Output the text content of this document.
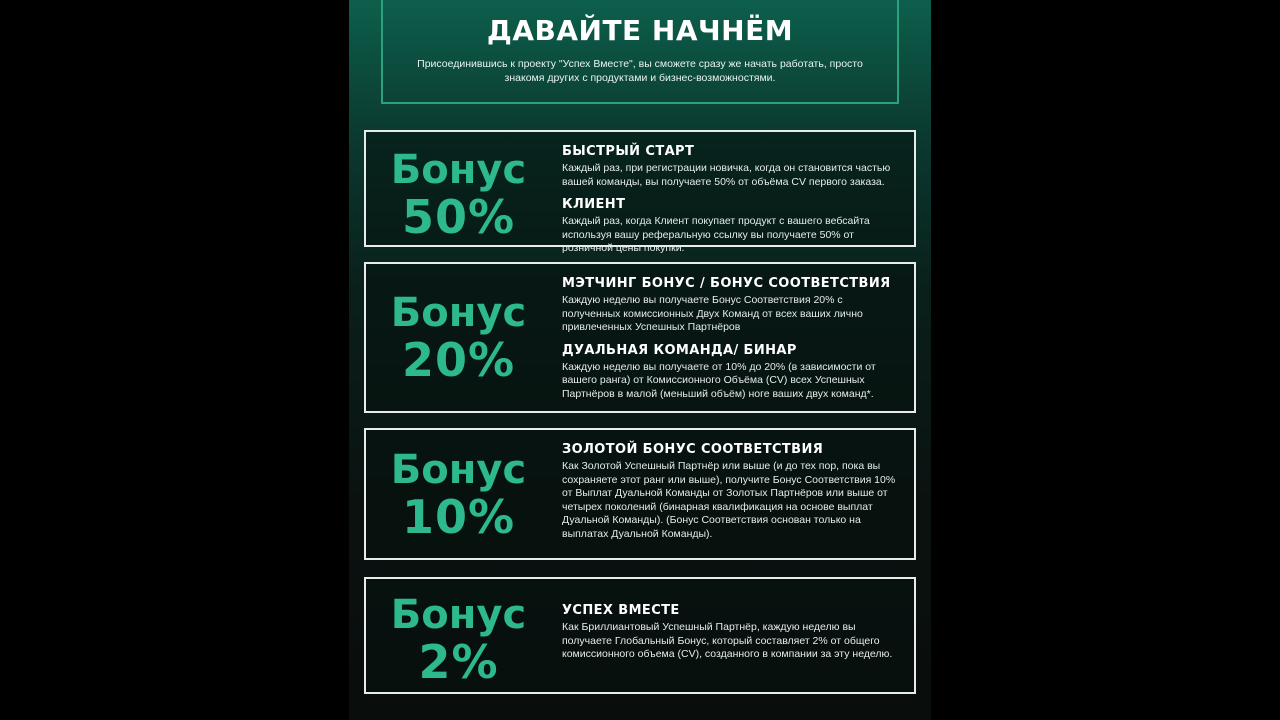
ДАВАЙТЕ НАЧНЁМ
Присоединившись к проекту "Успех Вместе", вы сможете сразу же начать работать, просто знакомя других с продуктами и бизнес-возможностями.
Бонус
50%
БЫСТРЫЙ СТАРТ

Каждый раз, при регистрации новичка, когда он становится частью вашей команды, вы получаете 50% от объёма CV первого заказа.

КЛИЕНТ

Каждый раз, когда Клиент покупает продукт с вашего вебсайта используя вашу реферальную ссылку вы получаете 50% от розничной цены покупки.

Бонус
20%
МЭТЧИНГ БОНУС / БОНУС СООТВЕТСТВИЯ

Каждую неделю вы получаете Бонус Соответствия 20% с полученных комиссионных Двух Команд от всех ваших лично привлеченных Успешных Партнёров

ДУАЛЬНАЯ КОМАНДА/ БИНАР

Каждую неделю вы получаете от 10% до 20% (в зависимости от вашего ранга) от Комиссионного Объёма (CV) всех Успешных Партнёров в малой (меньший объём) ноге ваших двух команд*.

Бонус
10%
ЗОЛОТОЙ БОНУС СООТВЕТСТВИЯ

Как Золотой Успешный Партнёр или выше (и до тех пор, пока вы сохраняете этот ранг или выше), получите Бонус Соответствия 10% от Выплат Дуальной Команды от Золотых Партнёров или выше от четырех поколений (бинарная квалификация на основе выплат Дуальной Команды). (Бонус Соответствия основан только на выплатах Дуальной Команды).

Бонус
2%
УСПЕХ ВМЕСТЕ

Как Бриллиантовый Успешный Партнёр, каждую неделю вы получаете Глобальный Бонус, который составляет 2% от общего комиссионного объема (CV), созданного в компании за эту неделю.
